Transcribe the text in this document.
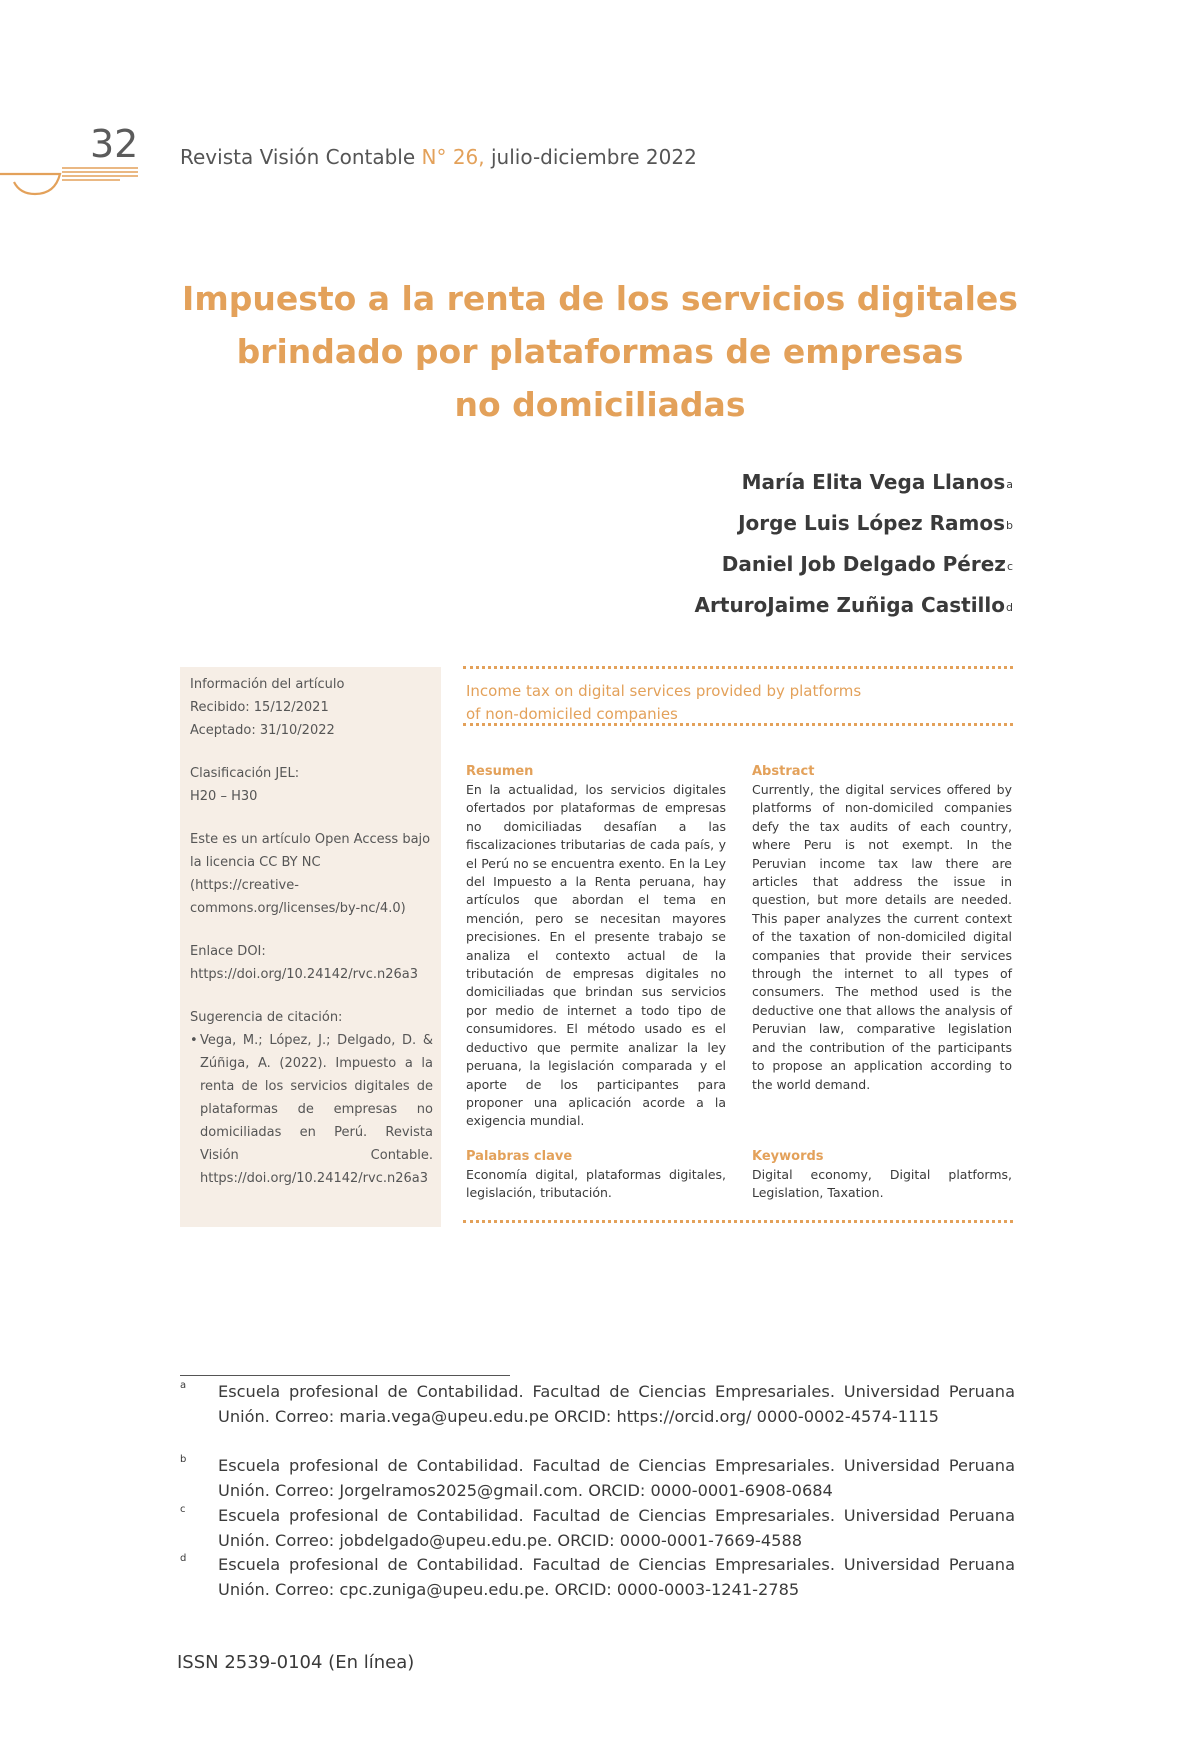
32 Revista Visión Contable N° 26, julio-diciembre 2022
Impuesto a la renta de los servicios digitales
brindado por plataformas de empresas
no domiciliadas
María Elita Vega Llanos$^a$
Jorge Luis López Ramos$^b$
Daniel Job Delgado Pérez$^c$
ArturoJaime Zuñiga Castillo$^d$

Información del artículo

Recibido: 15/12/2021

Aceptado: 31/10/2022

Clasificación JEL:

H20 – H30

Este es un artículo Open Access bajo

la licencia CC BY NC (https://creative-

commons.org/licenses/by-nc/4.0)

Enlace DOI:

https://doi.org/10.24142/rvc.n26a3

Sugerencia de citación:

• Vega, M.; López, J.; Delgado, D. & Zúñiga, A. (2022). Impuesto a la renta de los servicios digitales de plataformas de empresas no domiciliadas en Perú. Revista Visión Contable. https://doi.org/10.24142/rvc.n26a3
Income tax on digital services provided by platforms
of non-domiciled companies
Resumen

En la actualidad, los servicios digitales ofertados por plataformas de empresas no domiciliadas desafían a las fiscalizaciones tributarias de cada país, y el Perú no se encuentra exento. En la Ley del Impuesto a la Renta peruana, hay artículos que abordan el tema en mención, pero se necesitan mayores precisiones. En el presente trabajo se analiza el contexto actual de la tributación de empresas digitales no domiciliadas que brindan sus servicios por medio de internet a todo tipo de consumidores. El método usado es el deductivo que permite analizar la ley peruana, la legislación comparada y el aporte de los participantes para proponer una aplicación acorde a la exigencia mundial.

Abstract

Currently, the digital services offered by platforms of non-domiciled companies defy the tax audits of each country, where Peru is not exempt. In the Peruvian income tax law there are articles that address the issue in question, but more details are needed. This paper analyzes the current context of the taxation of non-domiciled digital companies that provide their services through the internet to all types of consumers. The method used is the deductive one that allows the analysis of Peruvian law, comparative legislation and the contribution of the participants to propose an application according to the world demand.

Palabras clave

Economía digital, plataformas digitales, legislación, tributación.

Keywords

Digital economy, Digital platforms, Legislation, Taxation.

a Escuela profesional de Contabilidad. Facultad de Ciencias Empresariales. Universidad Peruana Unión. Correo: maria.vega@upeu.edu.pe ORCID: https://orcid.org/ 0000-0002-4574-1115
b Escuela profesional de Contabilidad. Facultad de Ciencias Empresariales. Universidad Peruana Unión. Correo: Jorgelramos2025@gmail.com. ORCID: 0000-0001-6908-0684
c Escuela profesional de Contabilidad. Facultad de Ciencias Empresariales. Universidad Peruana Unión. Correo: jobdelgado@upeu.edu.pe. ORCID: 0000-0001-7669-4588
d Escuela profesional de Contabilidad. Facultad de Ciencias Empresariales. Universidad Peruana Unión. Correo: cpc.zuniga@upeu.edu.pe. ORCID: 0000-0003-1241-2785
ISSN 2539-0104 (En línea)
